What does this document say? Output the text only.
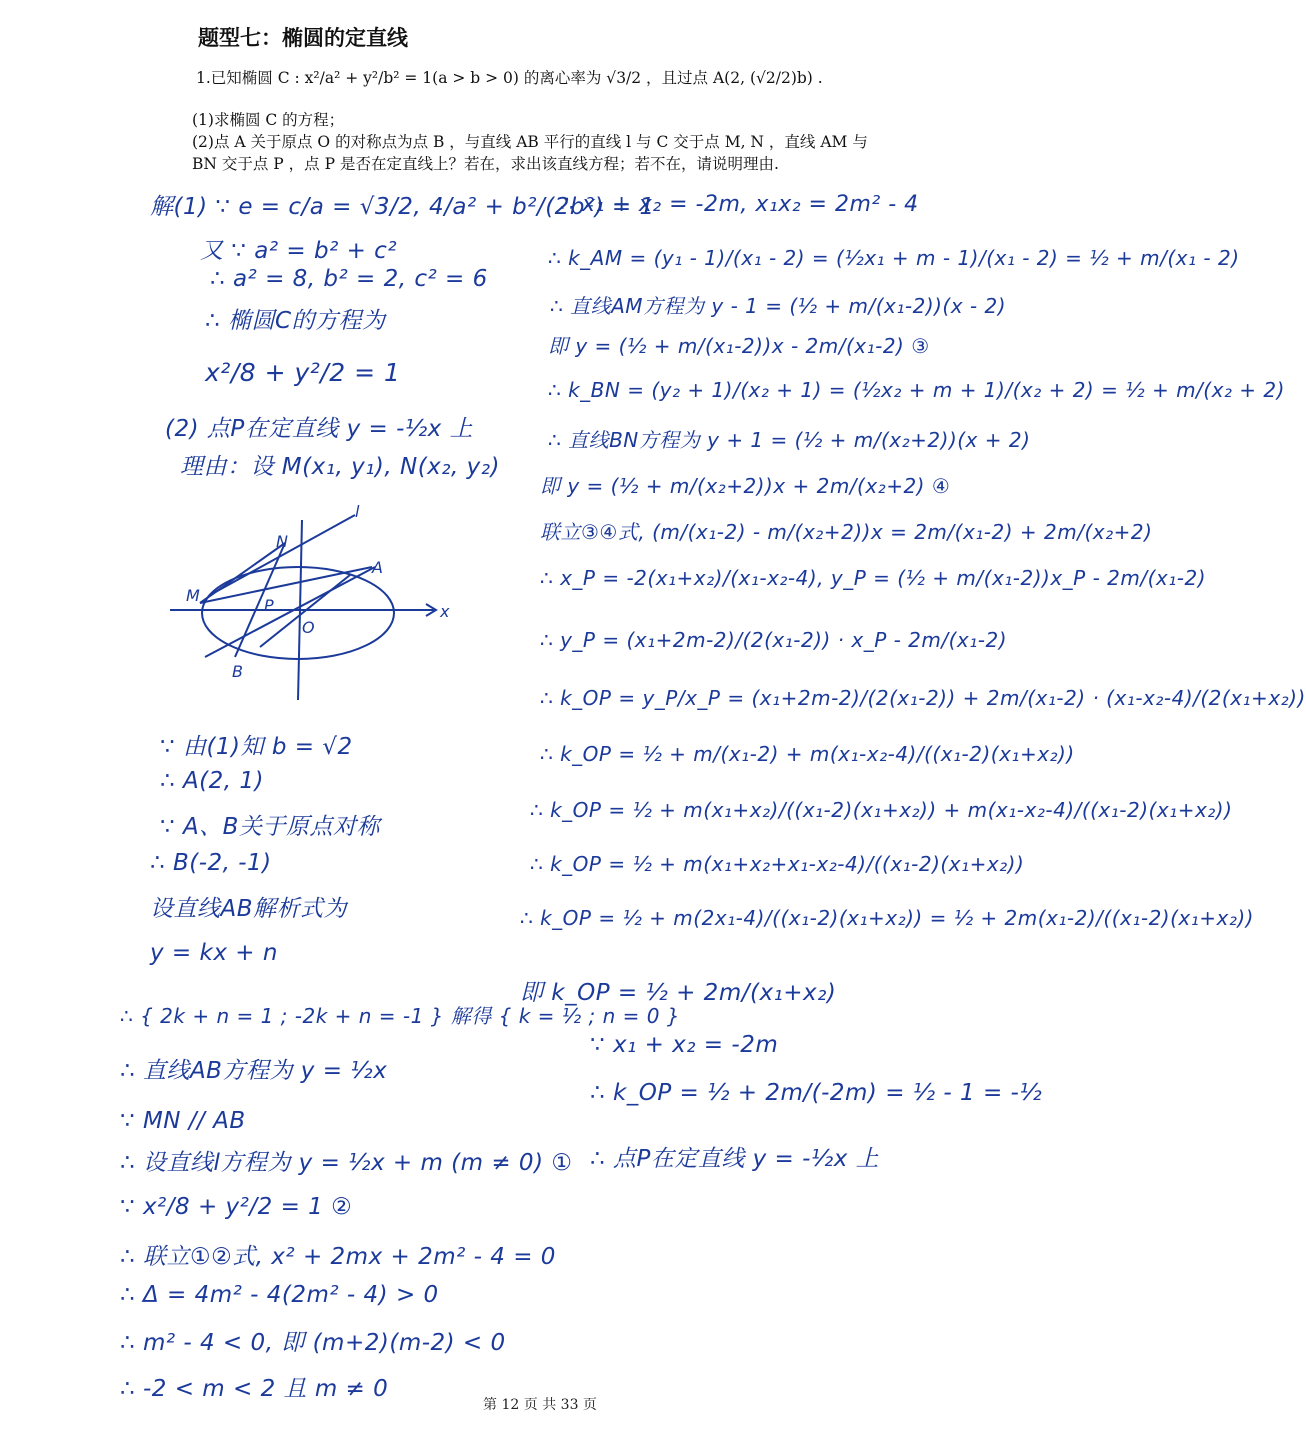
题型七：椭圆的定直线
1.已知椭圆 C : x²/a² + y²/b² = 1(a > b > 0) 的离心率为 √3/2 ，且过点 A(2, (√2/2)b) .
(1)求椭圆 C 的方程；
(2)点 A 关于原点 O 的对称点为点 B ，与直线 AB 平行的直线 l 与 C 交于点 M, N ，直线 AM 与
BN 交于点 P ，点 P 是否在定直线上？若在，求出该直线方程；若不在，请说明理由.
解(1) ∵ e = c/a = √3/2, 4/a² + b²/(2b²) = 1
又 ∵ a² = b² + c²
∴ a² = 8, b² = 2, c² = 6
∴ 椭圆C的方程为
x²/8 + y²/2 = 1
(2) 点P在定直线 y = -½x 上
理由：设 M(x₁, y₁), N(x₂, y₂)
l
N
A
M
P
O
B
x
∵ 由(1)知 b = √2
∴ A(2, 1)
∵ A、B关于原点对称
∴ B(-2, -1)
设直线AB解析式为
y = kx + n
∴ { 2k + n = 1 ; -2k + n = -1 } 解得 { k = ½ ; n = 0 }
∴ 直线AB方程为 y = ½x
∵ MN // AB
∴ 设直线l方程为 y = ½x + m (m ≠ 0) ①
∵ x²/8 + y²/2 = 1 ②
∴ 联立①②式, x² + 2mx + 2m² - 4 = 0
∴ Δ = 4m² - 4(2m² - 4) > 0
∴ m² - 4 < 0, 即 (m+2)(m-2) < 0
∴ -2 < m < 2 且 m ≠ 0
∴ x₁ + x₂ = -2m, x₁x₂ = 2m² - 4
∴ k_AM = (y₁ - 1)/(x₁ - 2) = (½x₁ + m - 1)/(x₁ - 2) = ½ + m/(x₁ - 2)
∴ 直线AM方程为 y - 1 = (½ + m/(x₁-2))(x - 2)
即 y = (½ + m/(x₁-2))x - 2m/(x₁-2) ③
∴ k_BN = (y₂ + 1)/(x₂ + 1) = (½x₂ + m + 1)/(x₂ + 2) = ½ + m/(x₂ + 2)
∴ 直线BN方程为 y + 1 = (½ + m/(x₂+2))(x + 2)
即 y = (½ + m/(x₂+2))x + 2m/(x₂+2) ④
联立③④式, (m/(x₁-2) - m/(x₂+2))x = 2m/(x₁-2) + 2m/(x₂+2)
∴ x_P = -2(x₁+x₂)/(x₁-x₂-4), y_P = (½ + m/(x₁-2))x_P - 2m/(x₁-2)
∴ y_P = (x₁+2m-2)/(2(x₁-2)) · x_P - 2m/(x₁-2)
∴ k_OP = y_P/x_P = (x₁+2m-2)/(2(x₁-2)) + 2m/(x₁-2) · (x₁-x₂-4)/(2(x₁+x₂))
∴ k_OP = ½ + m/(x₁-2) + m(x₁-x₂-4)/((x₁-2)(x₁+x₂))
∴ k_OP = ½ + m(x₁+x₂)/((x₁-2)(x₁+x₂)) + m(x₁-x₂-4)/((x₁-2)(x₁+x₂))
∴ k_OP = ½ + m(x₁+x₂+x₁-x₂-4)/((x₁-2)(x₁+x₂))
∴ k_OP = ½ + m(2x₁-4)/((x₁-2)(x₁+x₂)) = ½ + 2m(x₁-2)/((x₁-2)(x₁+x₂))
即 k_OP = ½ + 2m/(x₁+x₂)
∵ x₁ + x₂ = -2m
∴ k_OP = ½ + 2m/(-2m) = ½ - 1 = -½
∴ 点P在定直线 y = -½x 上
第 12 页 共 33 页
